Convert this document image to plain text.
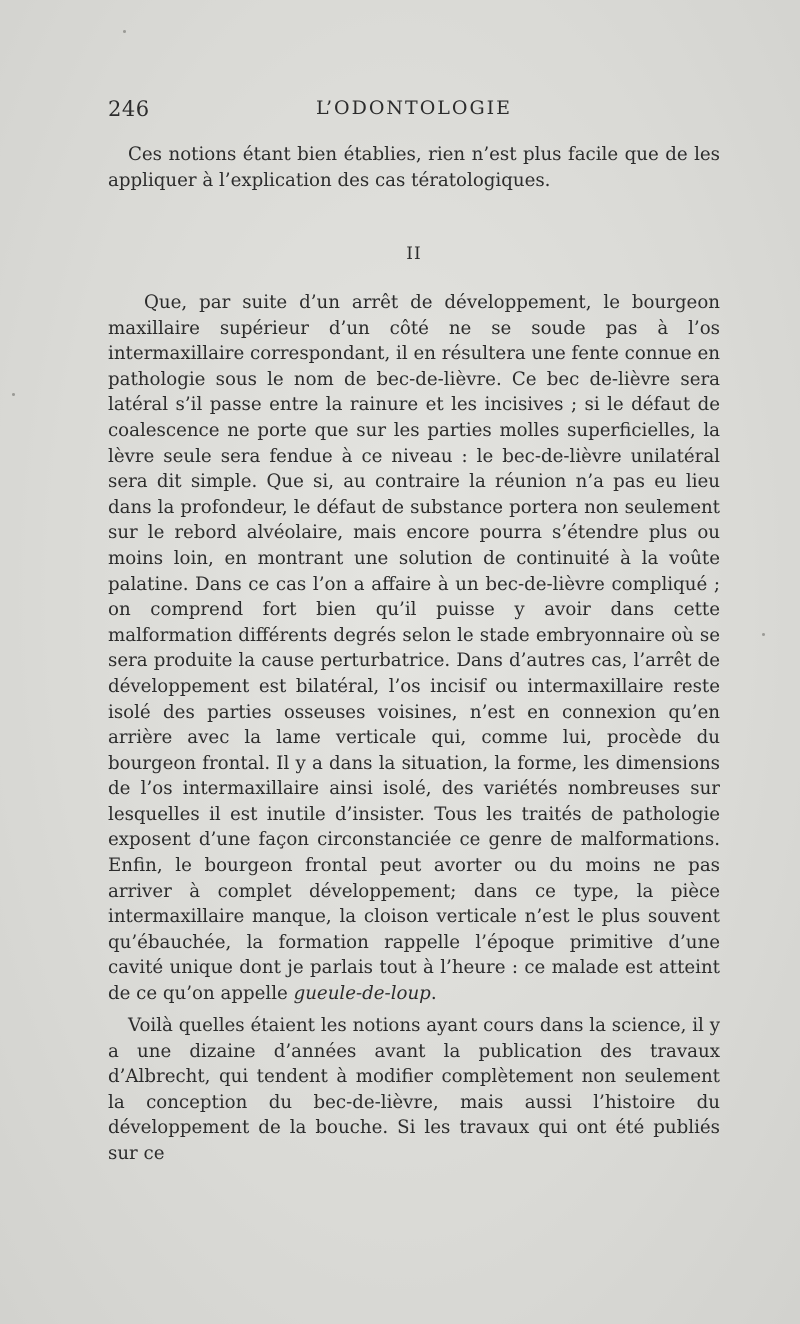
246	L’ODONTOLOGIE

Ces notions étant bien établies, rien n’est plus facile que de les appliquer à l’explication des cas tératologiques.

II

Que, par suite d’un arrêt de développement, le bourgeon maxillaire supérieur d’un côté ne se soude pas à l’os intermaxillaire correspondant, il en résultera une fente connue en pathologie sous le nom de bec-de-lièvre. Ce bec de-lièvre sera latéral s’il passe entre la rainure et les incisives ; si le défaut de coalescence ne porte que sur les parties molles superficielles, la lèvre seule sera fendue à ce niveau : le bec-de-lièvre unilatéral sera dit simple. Que si, au contraire la réunion n’a pas eu lieu dans la profondeur, le défaut de substance portera non seulement sur le rebord alvéolaire, mais encore pourra s’étendre plus ou moins loin, en montrant une solution de continuité à la voûte palatine. Dans ce cas l’on a affaire à un bec-de-lièvre compliqué ; on comprend fort bien qu’il puisse y avoir dans cette malformation différents degrés selon le stade embryonnaire où se sera produite la cause perturbatrice. Dans d’autres cas, l’arrêt de développement est bilatéral, l’os incisif ou intermaxillaire reste isolé des parties osseuses voisines, n’est en connexion qu’en arrière avec la lame verticale qui, comme lui, procède du bourgeon frontal. Il y a dans la situation, la forme, les dimensions de l’os intermaxillaire ainsi isolé, des variétés nombreuses sur lesquelles il est inutile d’insister. Tous les traités de pathologie exposent d’une façon circonstanciée ce genre de malformations. Enfin, le bourgeon frontal peut avorter ou du moins ne pas arriver à complet développement; dans ce type, la pièce intermaxillaire manque, la cloison verticale n’est le plus souvent qu’ébauchée, la formation rappelle l’époque primitive d’une cavité unique dont je parlais tout à l’heure : ce malade est atteint de ce qu’on appelle gueule-de-loup.

Voilà quelles étaient les notions ayant cours dans la science, il y a une dizaine d’années avant la publication des travaux d’Albrecht, qui tendent à modifier complètement non seulement la conception du bec-de-lièvre, mais aussi l’histoire du développement de la bouche. Si les travaux qui ont été publiés sur ce
